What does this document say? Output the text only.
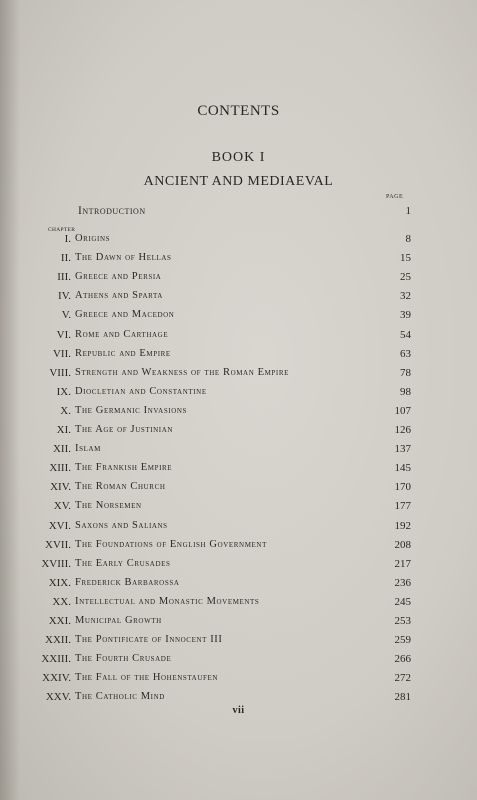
CONTENTS
BOOK I
ANCIENT AND MEDIAEVAL
PAGE
Introduction	1
CHAPTER
I. Origins	8
II. The Dawn of Hellas	15
III. Greece and Persia	25
IV. Athens and Sparta	32
V. Greece and Macedon	39
VI. Rome and Carthage	54
VII. Republic and Empire	63
VIII. Strength and Weakness of the Roman Empire	78
IX. Diocletian and Constantine	98
X. The Germanic Invasions	107
XI. The Age of Justinian	126
XII. Islam	137
XIII. The Frankish Empire	145
XIV. The Roman Church	170
XV. The Norsemen	177
XVI. Saxons and Salians	192
XVII. The Foundations of English Government	208
XVIII. The Early Crusades	217
XIX. Frederick Barbarossa	236
XX. Intellectual and Monastic Movements	245
XXI. Municipal Growth	253
XXII. The Pontificate of Innocent III	259
XXIII. The Fourth Crusade	266
XXIV. The Fall of the Hohenstaufen	272
XXV. The Catholic Mind	281
vii
